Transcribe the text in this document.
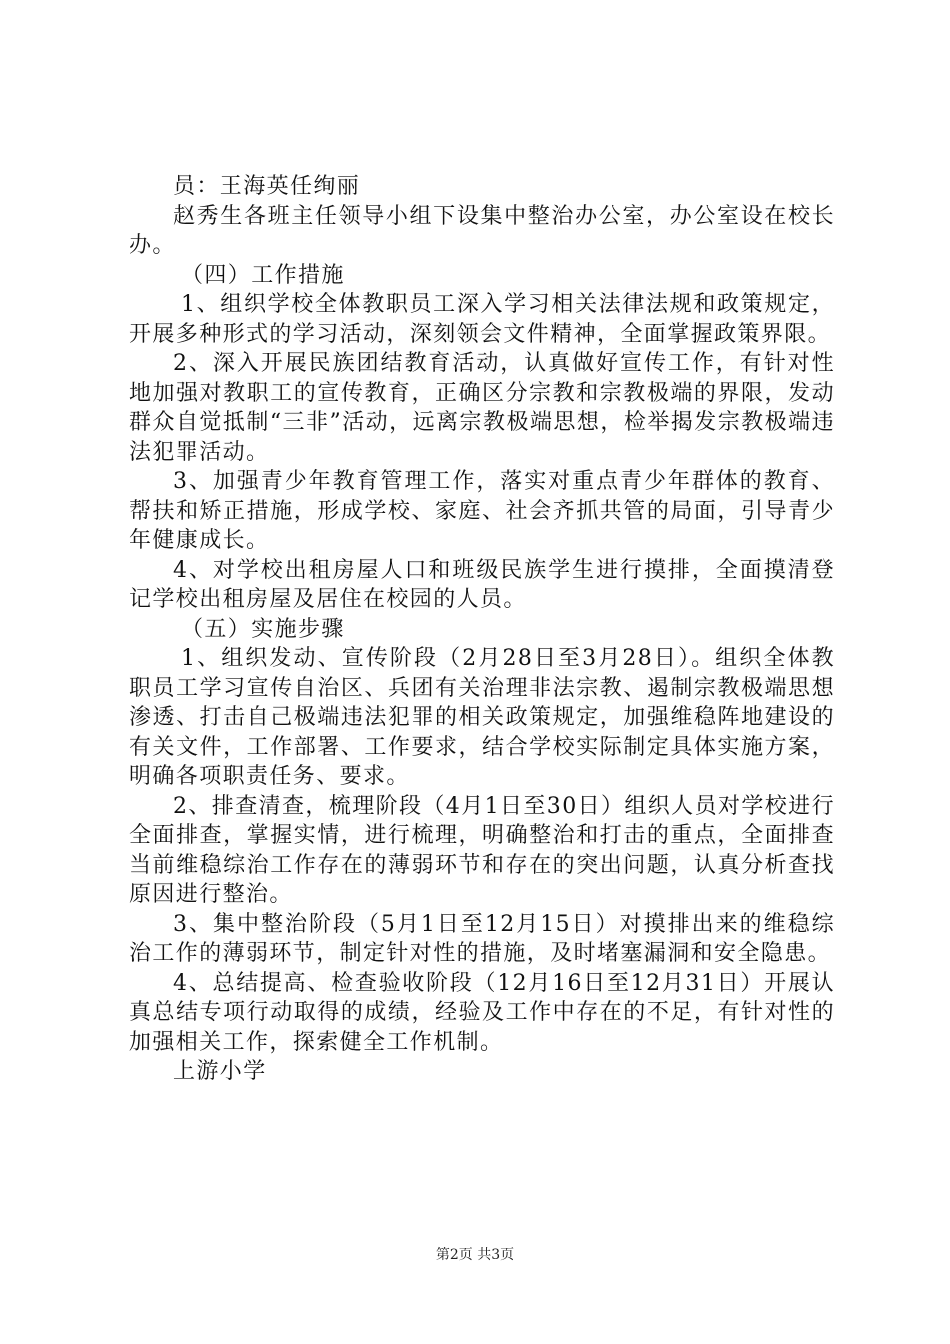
员：王海英任绚丽

赵秀生各班主任领导小组下设集中整治办公室，办公室设在校长办。

（四）工作措施

1、组织学校全体教职员工深入学习相关法律法规和政策规定，开展多种形式的学习活动，深刻领会文件精神，全面掌握政策界限。

2、深入开展民族团结教育活动，认真做好宣传工作，有针对性地加强对教职工的宣传教育，正确区分宗教和宗教极端的界限，发动群众自觉抵制“三非”活动，远离宗教极端思想，检举揭发宗教极端违法犯罪活动。

3、加强青少年教育管理工作，落实对重点青少年群体的教育、帮扶和矫正措施，形成学校、家庭、社会齐抓共管的局面，引导青少年健康成长。

4、对学校出租房屋人口和班级民族学生进行摸排，全面摸清登记学校出租房屋及居住在校园的人员。

（五）实施步骤

1、组织发动、宣传阶段（2月28日至3月28日）。组织全体教职员工学习宣传自治区、兵团有关治理非法宗教、遏制宗教极端思想渗透、打击自己极端违法犯罪的相关政策规定，加强维稳阵地建设的有关文件，工作部署、工作要求，结合学校实际制定具体实施方案，明确各项职责任务、要求。

2、排查清查，梳理阶段（4月1日至30日）组织人员对学校进行全面排查，掌握实情，进行梳理，明确整治和打击的重点，全面排查当前维稳综治工作存在的薄弱环节和存在的突出问题，认真分析查找原因进行整治。

3、集中整治阶段（5月1日至12月15日）对摸排出来的维稳综治工作的薄弱环节，制定针对性的措施，及时堵塞漏洞和安全隐患。

4、总结提高、检查验收阶段（12月16日至12月31日）开展认真总结专项行动取得的成绩，经验及工作中存在的不足，有针对性的加强相关工作，探索健全工作机制。

上游小学

第2页 共3页
